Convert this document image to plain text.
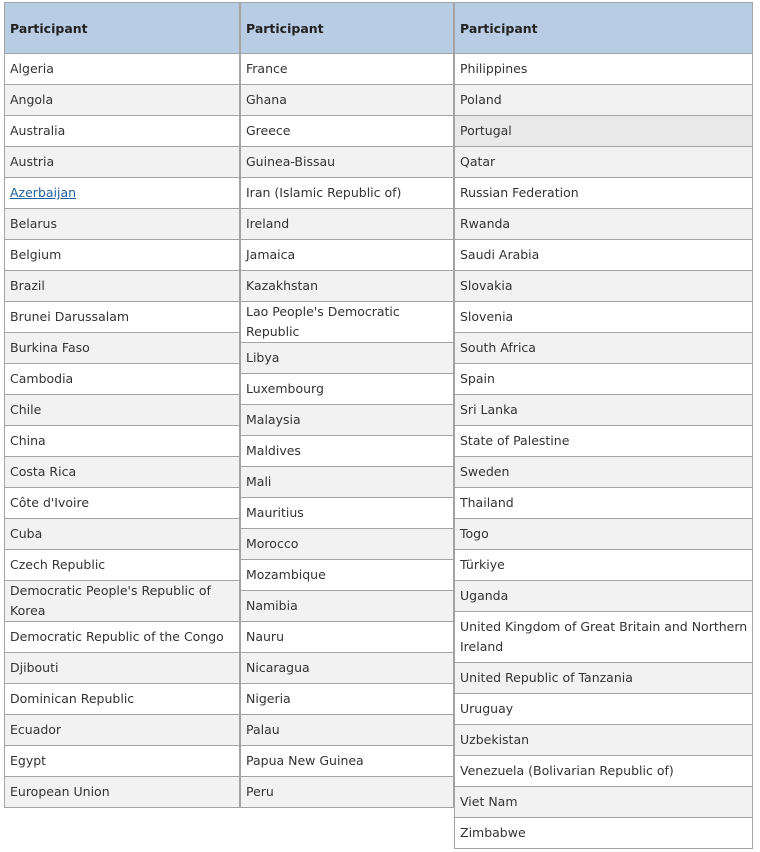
Participant
Algeria
Angola
Australia
Austria
Azerbaijan
Belarus
Belgium
Brazil
Brunei Darussalam
Burkina Faso
Cambodia
Chile
China
Costa Rica
Côte d'Ivoire
Cuba
Czech Republic
Democratic People's Republic of Korea
Democratic Republic of the Congo
Djibouti
Dominican Republic
Ecuador
Egypt
European Union
Participant
France
Ghana
Greece
Guinea-Bissau
Iran (Islamic Republic of)
Ireland
Jamaica
Kazakhstan
Lao People's Democratic Republic
Libya
Luxembourg
Malaysia
Maldives
Mali
Mauritius
Morocco
Mozambique
Namibia
Nauru
Nicaragua
Nigeria
Palau
Papua New Guinea
Peru
Participant
Philippines
Poland
Portugal
Qatar
Russian Federation
Rwanda
Saudi Arabia
Slovakia
Slovenia
South Africa
Spain
Sri Lanka
State of Palestine
Sweden
Thailand
Togo
Türkiye
Uganda
United Kingdom of Great Britain and Northern Ireland
United Republic of Tanzania
Uruguay
Uzbekistan
Venezuela (Bolivarian Republic of)
Viet Nam
Zimbabwe
